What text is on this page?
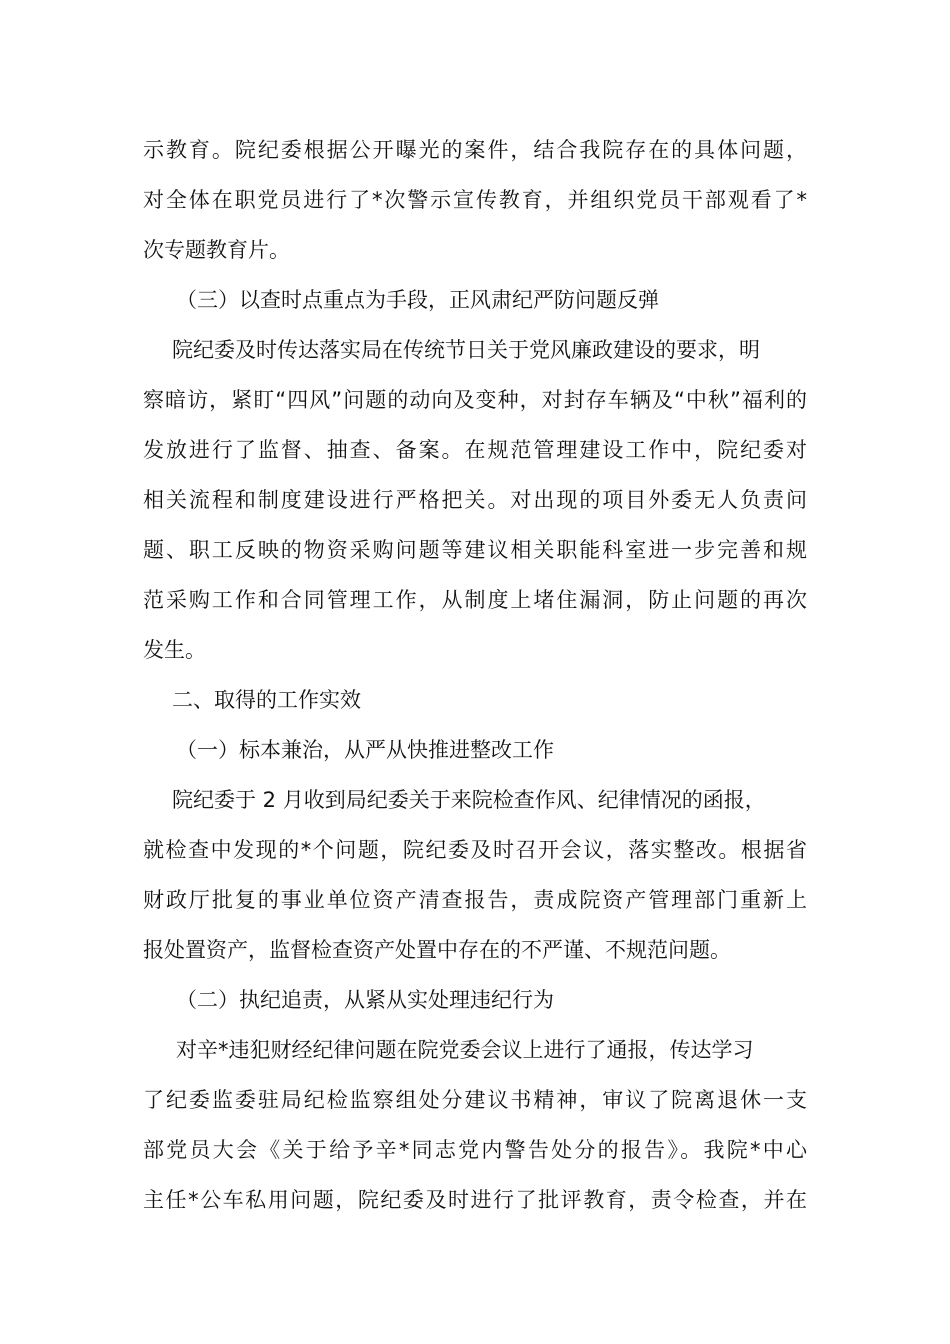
示教育。院纪委根据公开曝光的案件，结合我院存在的具体问题，
对全体在职党员进行了*次警示宣传教育，并组织党员干部观看了*
次专题教育片。
（三）以查时点重点为手段，正风肃纪严防问题反弹
院纪委及时传达落实局在传统节日关于党风廉政建设的要求，明
察暗访，紧盯“四风”问题的动向及变种，对封存车辆及“中秋”福利的
发放进行了监督、抽查、备案。在规范管理建设工作中，院纪委对
相关流程和制度建设进行严格把关。对出现的项目外委无人负责问
题、职工反映的物资采购问题等建议相关职能科室进一步完善和规
范采购工作和合同管理工作，从制度上堵住漏洞，防止问题的再次
发生。
二、取得的工作实效
（一）标本兼治，从严从快推进整改工作
院纪委于 2 月收到局纪委关于来院检查作风、纪律情况的函报，
就检查中发现的*个问题，院纪委及时召开会议，落实整改。根据省
财政厅批复的事业单位资产清查报告，责成院资产管理部门重新上
报处置资产，监督检查资产处置中存在的不严谨、不规范问题。
（二）执纪追责，从紧从实处理违纪行为
对辛*违犯财经纪律问题在院党委会议上进行了通报，传达学习
了纪委监委驻局纪检监察组处分建议书精神，审议了院离退休一支
部党员大会《关于给予辛*同志党内警告处分的报告》。我院*中心
主任*公车私用问题，院纪委及时进行了批评教育，责令检查，并在
